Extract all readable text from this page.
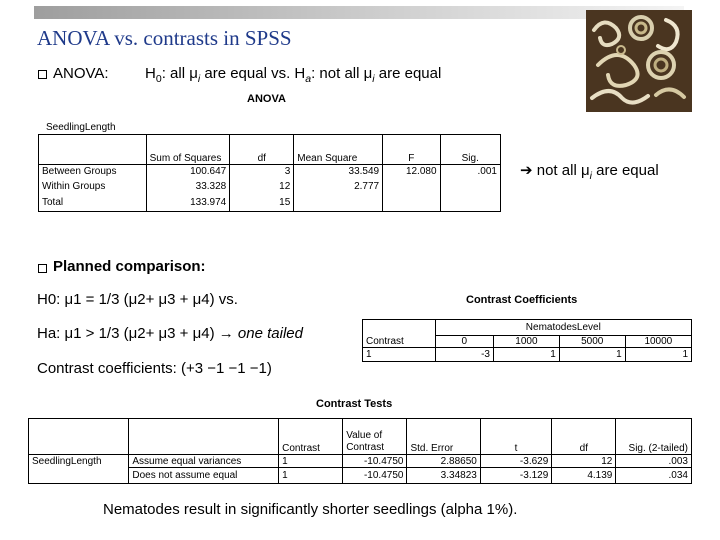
ANOVA vs. contrasts in SPSS
ANOVA: $H_0$: all $\mu_i$ are equal vs. $H_a$: not all $\mu_i$ are equal
ANOVA
SeedlingLength
	Sum of Squares	df	Mean Square	F	Sig.
Between Groups	100.647	3	33.549	12.080	.001
Within Groups	33.328	12	2.777		
Total	133.974	15			
➔ not all $\mu_i$ are equal
Planned comparison:
H0: μ1 = 1/3 (μ2+ μ3 + μ4) vs.
Ha: μ1 > 1/3 (μ2+ μ3 + μ4) → one tailed
Contrast coefficients: (+3 −1 −1 −1)
Contrast Coefficients
	NematodesLevel			
Contrast	0	1000	5000	10000
1	-3	1	1	1
Contrast Tests
		Contrast	Value of Contrast	Std. Error	t	df	Sig. (2-tailed)
SeedlingLength	Assume equal variances	1	-10.4750	2.88650	-3.629	12	.003
	Does not assume equal	1	-10.4750	3.34823	-3.129	4.139	.034
Nematodes result in significantly shorter seedlings (alpha 1%).
